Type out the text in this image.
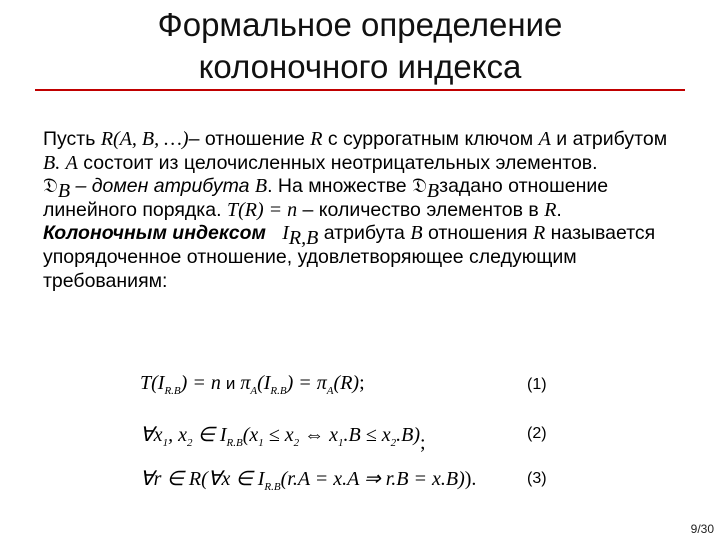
Формальное определение
колоночного индекса

Пусть R(A, B, …)– отношение R с суррогатным ключом A и атрибутом B. A состоит из целочисленных неотрицательных элементов.

𝔇$_B$ – домен атрибута B. На множестве 𝔇$_B$задано отношение линейного порядка. T(R) = n – количество элементов в R.

Колоночным индексом $I_{R,B}$ атрибута B отношения R называется упорядоченное отношение, удовлетворяющее следующим требованиям:

$T(I_{R.B}) = n$ и $\pi_A(I_{R.B}) = \pi_A(R)$;	(1)
$\forall x_1$, $x_2$ ∈ $I_{R.B}(x_1 \le x_2$ ⇔ $x_1.B \le x_2.B$);	(2)
∀r ∈ R(∀x ∈ $I_{R.B}(r.A = x.A$ ⇒ r.B = x.B)).	(3)
9/30
